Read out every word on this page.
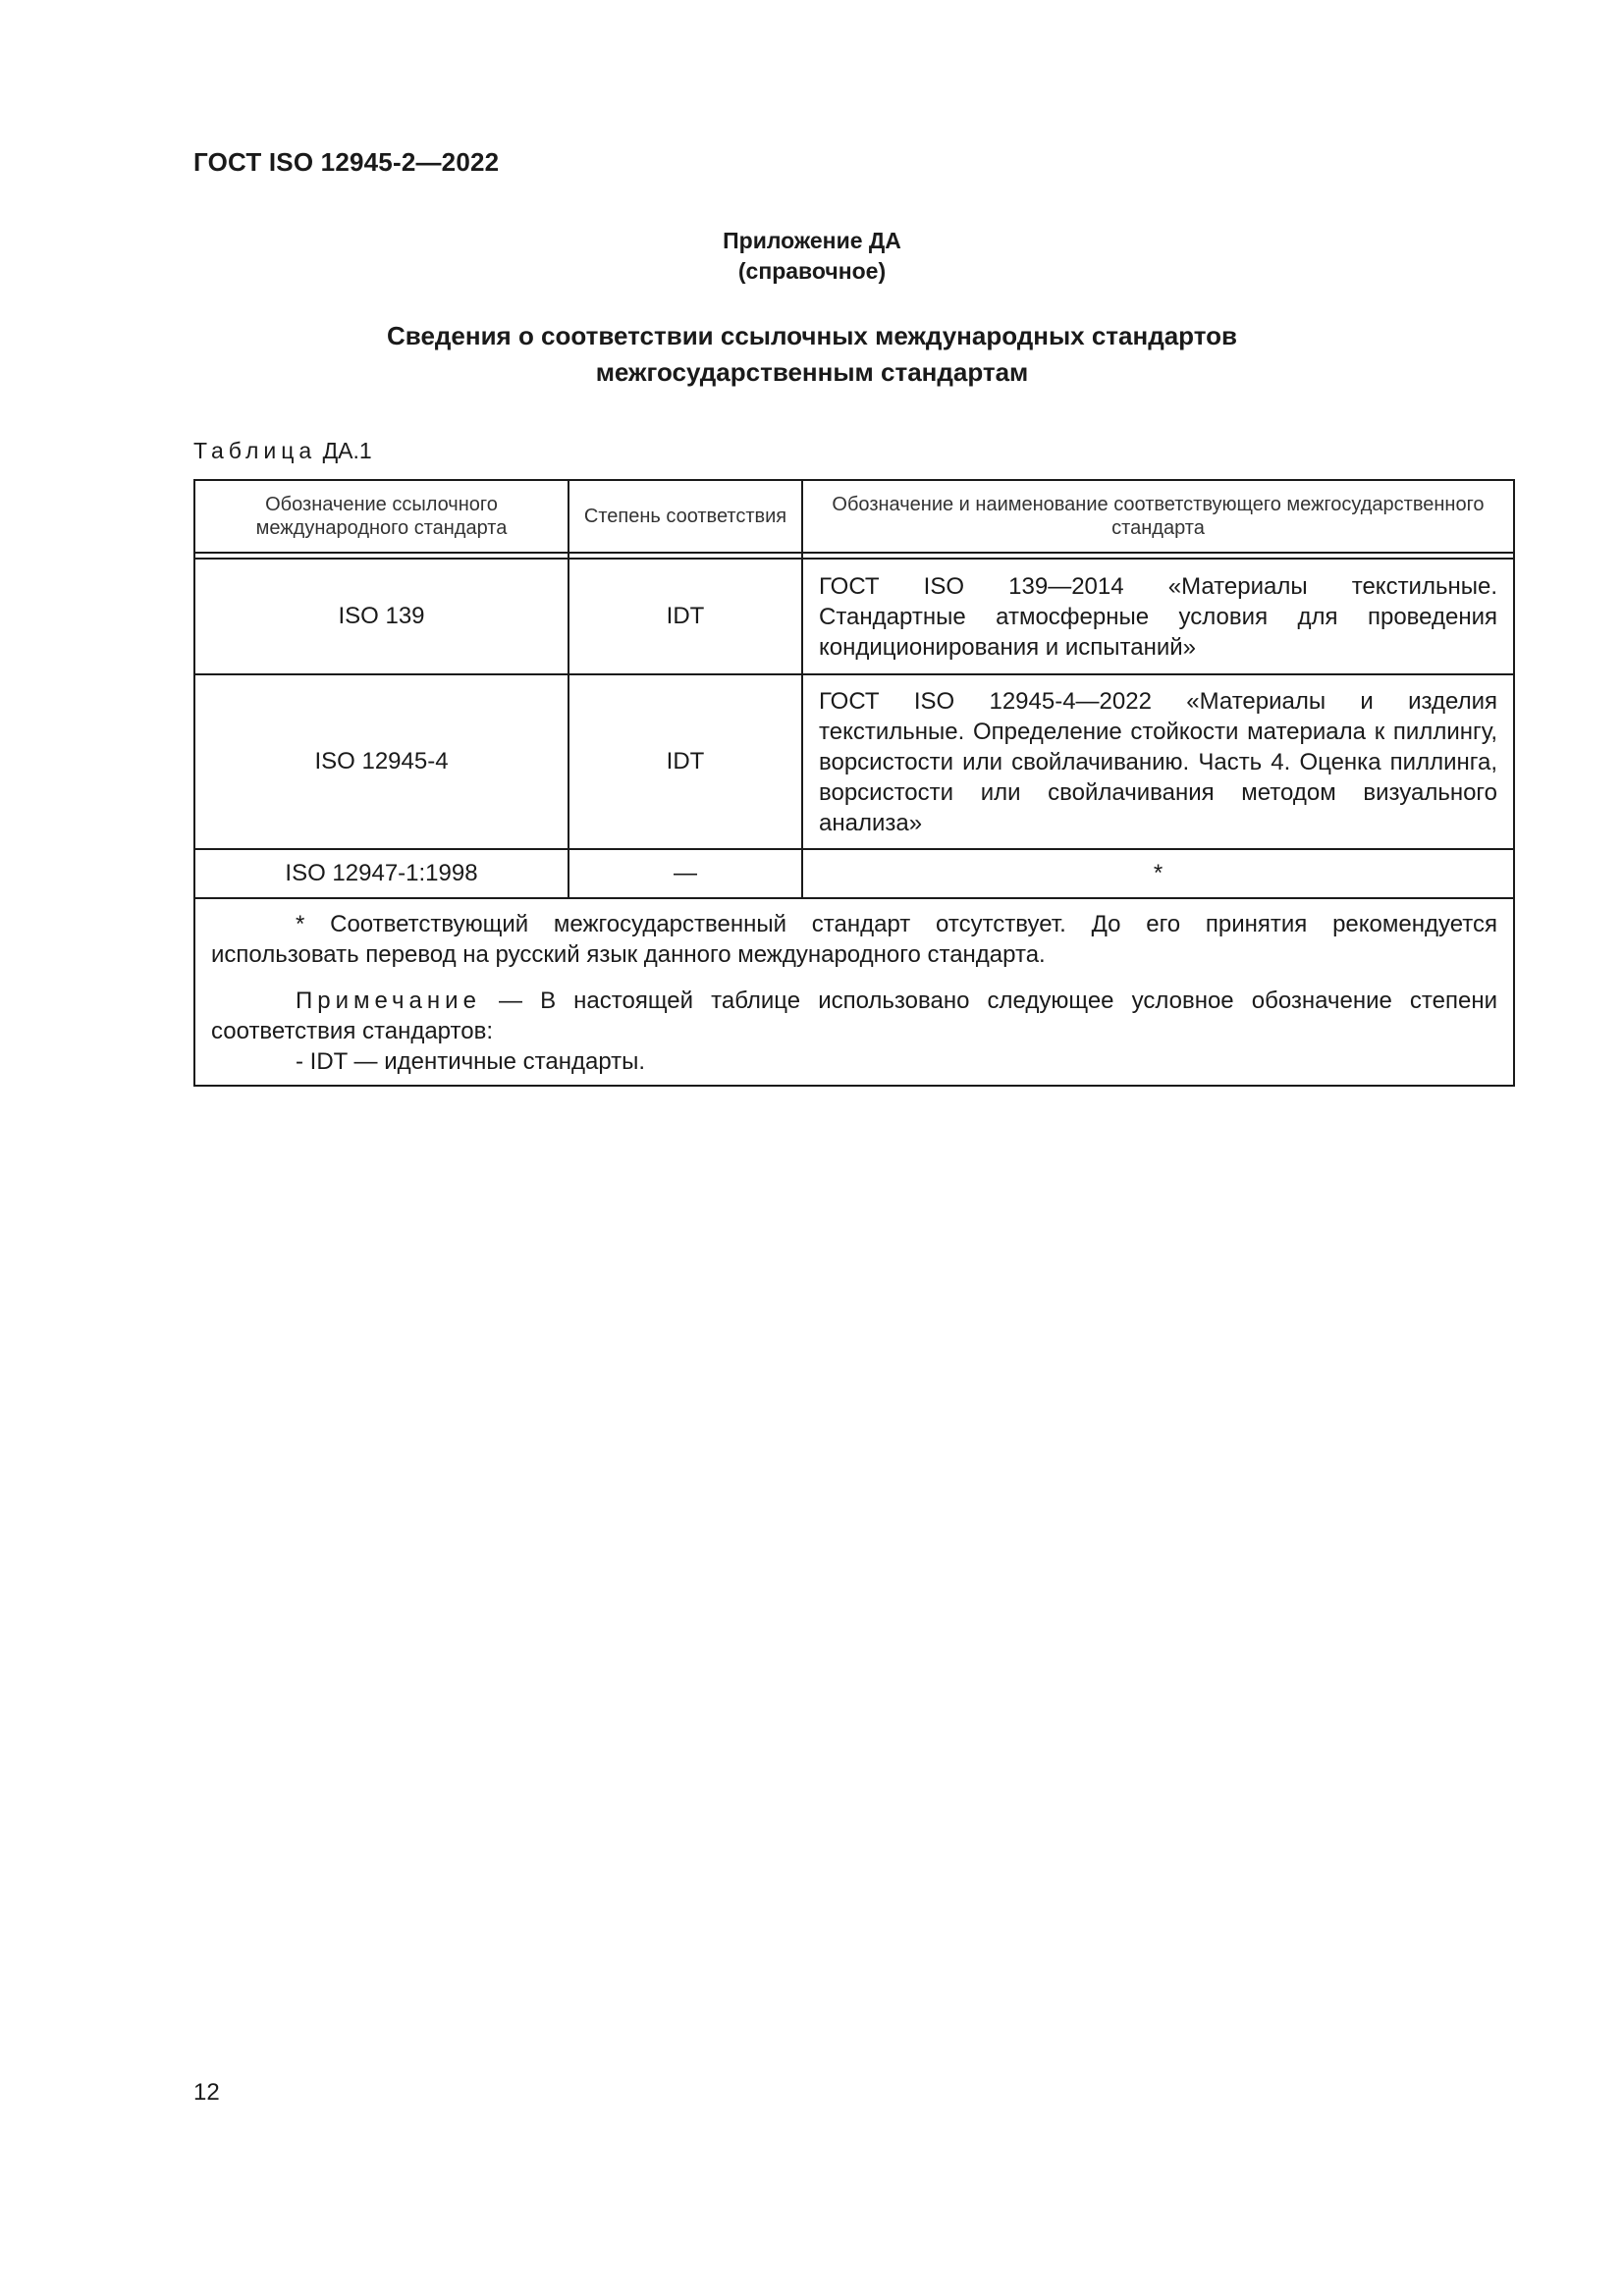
ГОСТ ISO 12945-2—2022
Приложение ДА
(справочное)
Сведения о соответствии ссылочных международных стандартов
межгосударственным стандартам
Таблица ДА.1
Обозначение ссылочного международного стандарта	Степень соответствия	Обозначение и наименование соответствующего межгосударственного стандарта

ISO 139	IDT	ГОСТ ISO 139—2014 «Материалы текстильные. Стандартные атмосферные условия для проведения кондиционирования и испытаний»
ISO 12945-4	IDT	ГОСТ ISO 12945-4—2022 «Материалы и изделия текстильные. Определение стойкости материала к пиллингу, ворсистости или свойлачиванию. Часть 4. Оценка пиллинга, ворсистости или свойлачивания методом визуального анализа»
ISO 12947-1:1998	—	*

* Соответствующий межгосударственный стандарт отсутствует. До его принятия рекомендуется использовать перевод на русский язык данного международного стандарта.

Примечание — В настоящей таблице использовано следующее условное обозначение степени соответствия стандартов:

- IDT — идентичные стандарты.		

12
